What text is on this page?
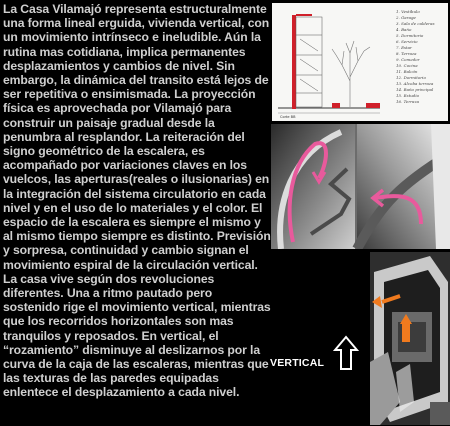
La Casa Vilamajó representa estructuralmente una forma lineal erguida, vivienda vertical, con un movimiento intrínseco e ineludible. Aún la rutina mas cotidiana, implica permanentes desplazamientos y cambios de nivel. Sin embargo, la dinámica del transito está lejos de ser repetitiva o ensimismada. La proyección física es aprovechada por Vilamajó para construir un paisaje gradual desde la penumbra al resplandor. La reiteración del signo geométrico de la escalera, es acompañado por variaciones claves en los vuelcos, las aperturas(reales o ilusionarias) en la integración del sistema circulatorio en cada nivel y en el uso de lo materiales y el color. El espacio de la escalera es siempre el mismo y al mismo tiempo siempre es distinto. Previsión y sorpresa, continuidad y cambio signan el movimiento espiral de la circulación vertical.

La casa vive según dos revoluciones diferentes. Una a ritmo pautado pero sostenido rige el movimiento vertical, mientras que los recorridos horizontales son mas tranquilos y reposados. En vertical, el “rozamiento” disminuye al deslizarnos por la curva de la caja de las escaleras, mientras que las texturas de las paredes equipadas enlentece el desplazamiento a cada nivel.

Corte BB
1. Vestíbulo
2. Garage
3. Sala de calderas
4. Baño
5. Dormitorio
6. Servicio
7. Estar
8. Terraza
9. Comedor
10. Cocina
11. Balcón
12. Dormitorio
13. Alcoba terraza
14. Baño principal
15. Estudio
16. Terraza
VERTICAL
